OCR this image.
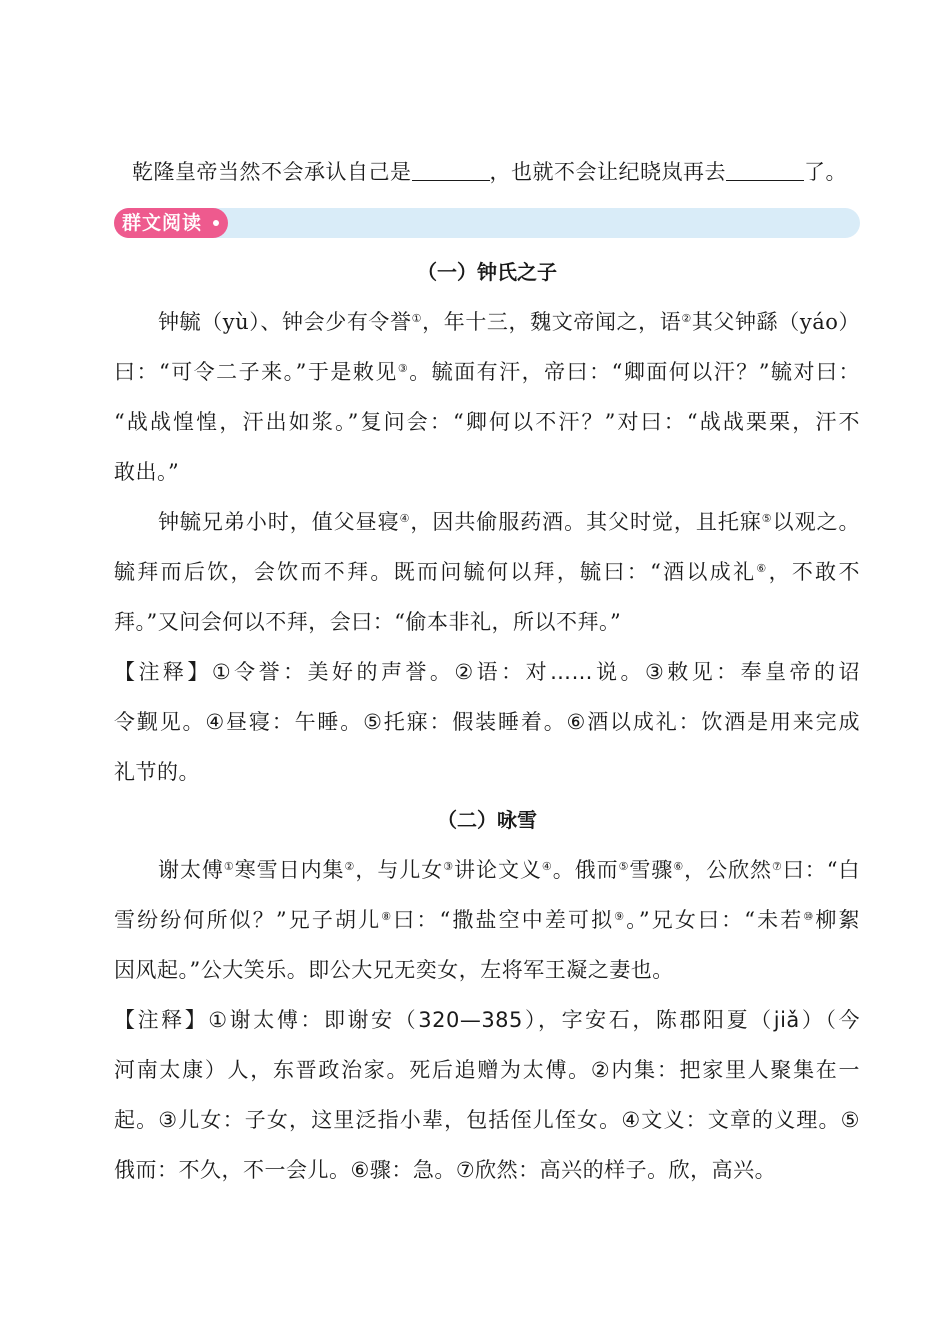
乾隆皇帝当然不会承认自己是	，也就不会让纪晓岚再去	了。
群文阅读
（一）钟氏之子
钟毓（yù）、钟会少有令誉①，年十三，魏文帝闻之，语②其父钟繇（yáo）
曰：“可令二子来。”于是敕见③。毓面有汗，帝曰：“卿面何以汗？”毓对曰：
“战战惶惶，汗出如浆。”复问会：“卿何以不汗？”对曰：“战战栗栗，汗不
敢出。”
钟毓兄弟小时，值父昼寝④，因共偷服药酒。其父时觉，且托寐⑤以观之。
毓拜而后饮，会饮而不拜。既而问毓何以拜，毓曰：“酒以成礼⑥，不敢不
拜。”又问会何以不拜，会曰：“偷本非礼，所以不拜。”
【注释】①令誉：美好的声誉。②语：对……说。③敕见：奉皇帝的诏
令觐见。④昼寝：午睡。⑤托寐：假装睡着。⑥酒以成礼：饮酒是用来完成
礼节的。
（二）咏雪
谢太傅①寒雪日内集②，与儿女③讲论文义④。俄而⑤雪骤⑥，公欣然⑦曰：“白
雪纷纷何所似？”兄子胡儿⑧曰：“撒盐空中差可拟⑨。”兄女曰：“未若⑩柳絮
因风起。”公大笑乐。即公大兄无奕女，左将军王凝之妻也。
【注释】①谢太傅：即谢安（320—385），字安石，陈郡阳夏（jiǎ）（今
河南太康）人，东晋政治家。死后追赠为太傅。②内集：把家里人聚集在一
起。③儿女：子女，这里泛指小辈，包括侄儿侄女。④文义：文章的义理。⑤
俄而：不久，不一会儿。⑥骤：急。⑦欣然：高兴的样子。欣，高兴。
